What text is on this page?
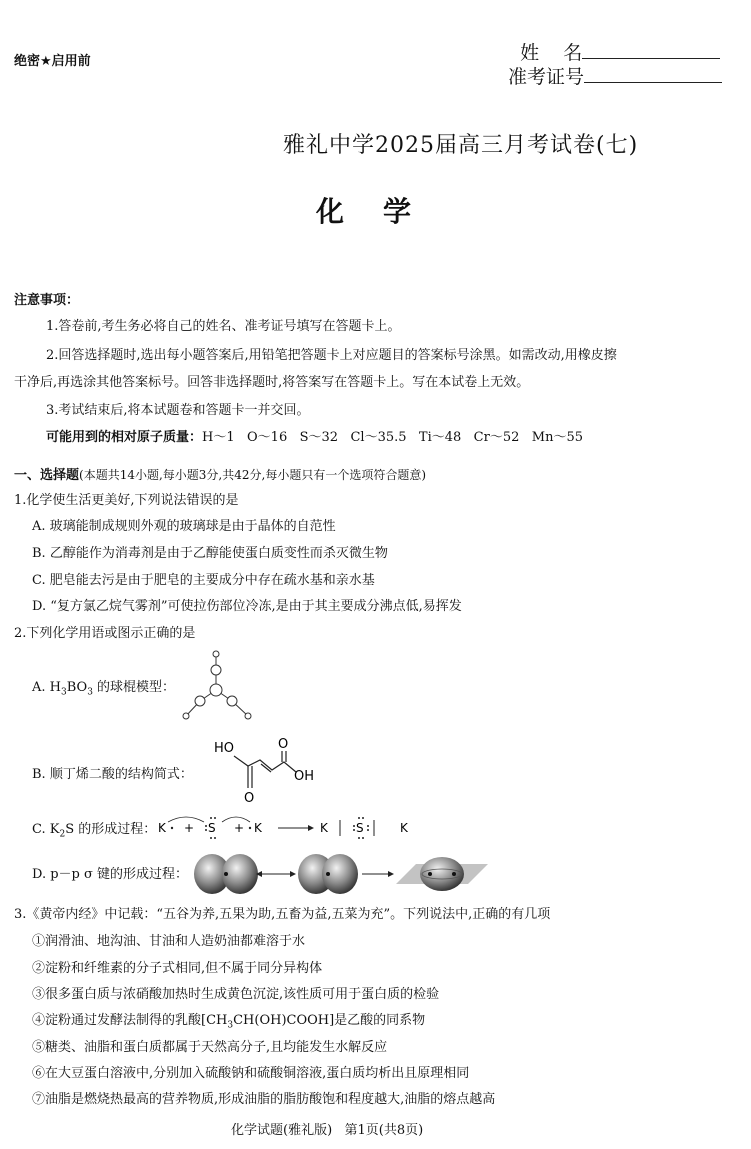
绝密★启用前	姓    名

准考证号
雅礼中学2025届高三月考试卷(七)
化    学
注意事项：
1.答卷前,考生务必将自己的姓名、准考证号填写在答题卡上。
2.回答选择题时,选出每小题答案后,用铅笔把答题卡上对应题目的答案标号涂黑。如需改动,用橡皮擦
干净后,再选涂其他答案标号。回答非选择题时,将答案写在答题卡上。写在本试卷上无效。
3.考试结束后,将本试题卷和答题卡一并交回。
可能用到的相对原子质量：H～1   O～16   S～32   Cl～35.5   Ti～48   Cr～52   Mn～55
一、选择题(本题共14小题,每小题3分,共42分,每小题只有一个选项符合题意)
1.化学使生活更美好,下列说法错误的是
A. 玻璃能制成规则外观的玻璃球是由于晶体的自范性
B. 乙醇能作为消毒剂是由于乙醇能使蛋白质变性而杀灭微生物
C. 肥皂能去污是由于肥皂的主要成分中存在疏水基和亲水基
D. “复方氯乙烷气雾剂”可使拉伤部位冷冻,是由于其主要成分沸点低,易挥发
2.下列化学用语或图示正确的是
A. $H_3BO_3$ 的球棍模型：
B. 顺丁烯二酸的结构简式：
HO	O
O
OH
C. $K_2S$ 的形成过程： K + S + K	K S	K
D. p－p σ 键的形成过程：
3.《黄帝内经》中记载：“五谷为养,五果为助,五畜为益,五菜为充”。下列说法中,正确的有几项
①润滑油、地沟油、甘油和人造奶油都难溶于水
②淀粉和纤维素的分子式相同,但不属于同分异构体
③很多蛋白质与浓硝酸加热时生成黄色沉淀,该性质可用于蛋白质的检验
④淀粉通过发酵法制得的乳酸$[CH_3CH(OH)COOH]$是乙酸的同系物
⑤糖类、油脂和蛋白质都属于天然高分子,且均能发生水解反应
⑥在大豆蛋白溶液中,分别加入硫酸钠和硫酸铜溶液,蛋白质均析出且原理相同
⑦油脂是燃烧热最高的营养物质,形成油脂的脂肪酸饱和程度越大,油脂的熔点越高
化学试题(雅礼版)   第1页(共8页)
